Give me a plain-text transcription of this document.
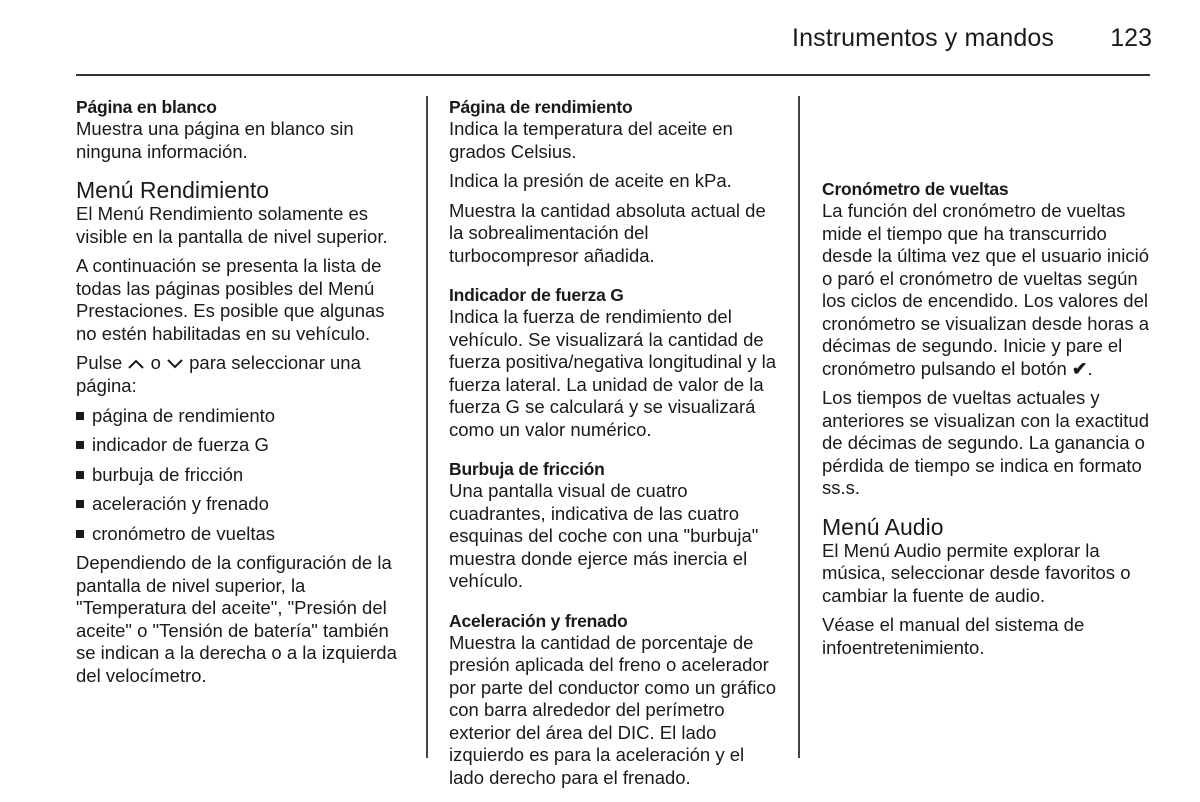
Instrumentos y mandos 123
Página en blanco

Muestra una página en blanco sin ninguna información.

Menú Rendimiento

El Menú Rendimiento solamente es visible en la pantalla de nivel superior.

A continuación se presenta la lista de todas las páginas posibles del Menú Prestaciones. Es posible que algunas no estén habilitadas en su vehículo.

Pulse o para seleccionar una página:

página de rendimiento
indicador de fuerza G
burbuja de fricción
aceleración y frenado
cronómetro de vueltas

Dependiendo de la configuración de la pantalla de nivel superior, la "Temperatura del aceite", "Presión del aceite" o "Tensión de batería" también se indican a la derecha o a la izquierda del velocímetro.

Página de rendimiento

Indica la temperatura del aceite en grados Celsius.

Indica la presión de aceite en kPa.

Muestra la cantidad absoluta actual de la sobrealimentación del turbocompresor añadida.

Indicador de fuerza G

Indica la fuerza de rendimiento del vehículo. Se visualizará la cantidad de fuerza positiva/negativa longitudinal y la fuerza lateral. La unidad de valor de la fuerza G se calculará y se visualizará como un valor numérico.

Burbuja de fricción

Una pantalla visual de cuatro cuadrantes, indicativa de las cuatro esquinas del coche con una "burbuja" muestra donde ejerce más inercia el vehículo.

Aceleración y frenado

Muestra la cantidad de porcentaje de presión aplicada del freno o acelerador por parte del conductor como un gráfico con barra alrededor del perímetro exterior del área del DIC. El lado izquierdo es para la aceleración y el lado derecho para el frenado.

Cronómetro de vueltas

La función del cronómetro de vueltas mide el tiempo que ha transcurrido desde la última vez que el usuario inició o paró el cronómetro de vueltas según los ciclos de encendido. Los valores del cronómetro se visualizan desde horas a décimas de segundo. Inicie y pare el cronómetro pulsando el botón ✔.

Los tiempos de vueltas actuales y anteriores se visualizan con la exactitud de décimas de segundo. La ganancia o pérdida de tiempo se indica en formato ss.s.

Menú Audio

El Menú Audio permite explorar la música, seleccionar desde favoritos o cambiar la fuente de audio.

Véase el manual del sistema de infoentretenimiento.
